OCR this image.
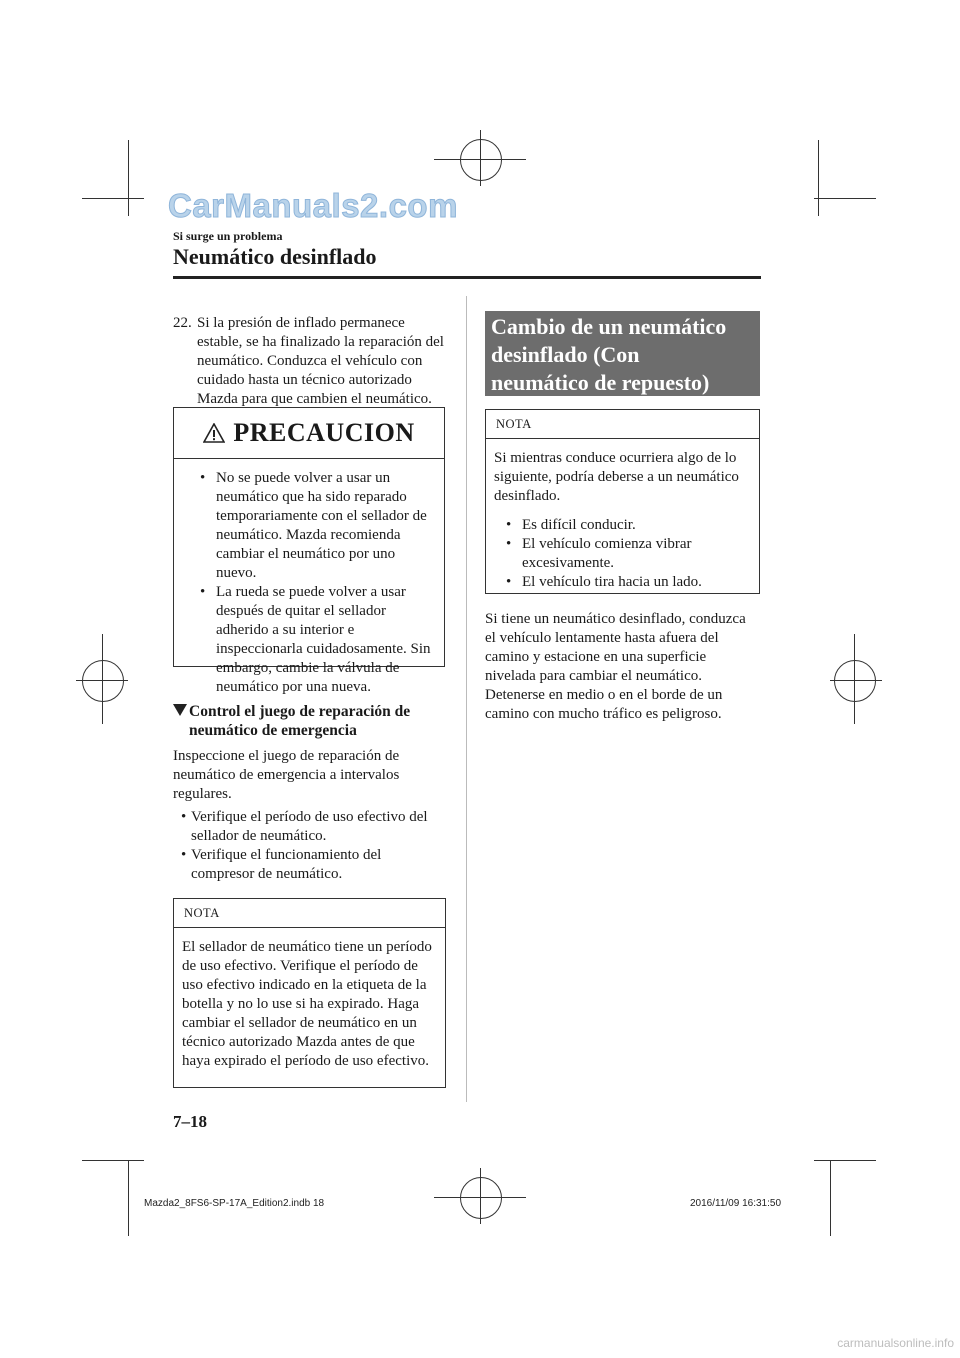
CarManuals2.com
Si surge un problema
Neumático desinflado
22. Si la presión de inflado permanece
estable, se ha finalizado la reparación del neumático. Conduzca el vehículo con cuidado hasta un técnico autorizado Mazda para que cambien el neumático.
PRECAUCION
• No se puede volver a usar un neumático que ha sido reparado temporariamente con el sellador de neumático. Mazda recomienda cambiar el neumático por uno nuevo.
• La rueda se puede volver a usar después de quitar el sellador adherido a su interior e inspeccionarla cuidadosamente. Sin embargo, cambie la válvula de neumático por una nueva.
Control el juego de reparación de neumático de emergencia
Inspeccione el juego de reparación de neumático de emergencia a intervalos regulares.
• Verifique el período de uso efectivo del sellador de neumático.
• Verifique el funcionamiento del compresor de neumático.
NOTA
El sellador de neumático tiene un período de uso efectivo. Verifique el período de uso efectivo indicado en la etiqueta de la botella y no lo use si ha expirado. Haga cambiar el sellador de neumático en un técnico autorizado Mazda antes de que haya expirado el período de uso efectivo.
Cambio de un neumático
desinflado (Con
neumático de repuesto)
NOTA
Si mientras conduce ocurriera algo de lo siguiente, podría deberse a un neumático desinflado.
• Es difícil conducir.
• El vehículo comienza vibrar excesivamente.
• El vehículo tira hacia un lado.
Si tiene un neumático desinflado, conduzca el vehículo lentamente hasta afuera del camino y estacione en una superficie nivelada para cambiar el neumático.
Detenerse en medio o en el borde de un camino con mucho tráfico es peligroso.
7–18
Mazda2_8FS6-SP-17A_Edition2.indb 18	2016/11/09 16:31:50
carmanualsonline.info
